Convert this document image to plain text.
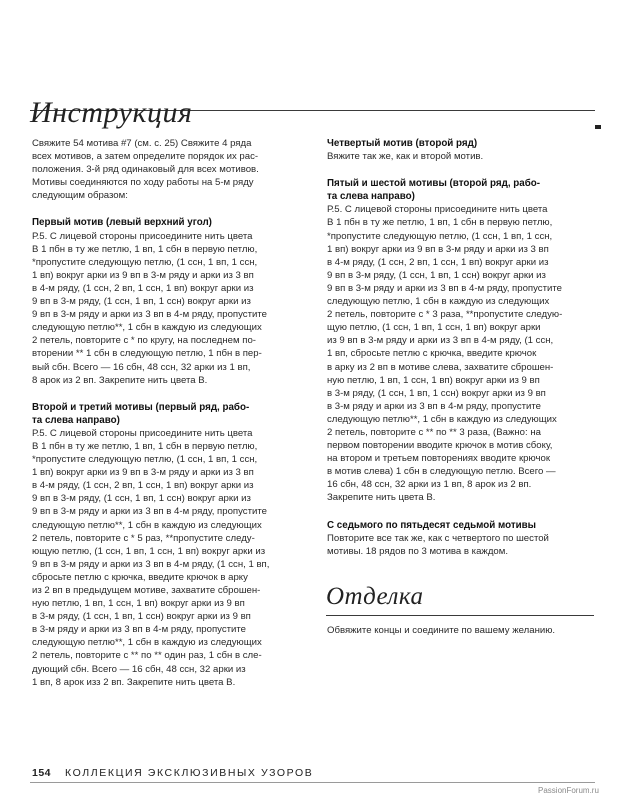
Инструкция

Свяжите 54 мотива #7 (см. с. 25) Свяжите 4 ряда
всех мотивов, а затем определите порядок их рас-
положения. 3-й ряд одинаковый для всех мотивов.
Мотивы соединяются по ходу работы на 5-м ряду
следующим образом:

Первый мотив (левый верхний угол)

Р.5. С лицевой стороны присоедините нить цвета
В 1 пбн в ту же петлю, 1 вп, 1 сбн в первую петлю,
*пропустите следующую петлю, (1 ссн, 1 вп, 1 ссн,
1 вп) вокруг арки из 9 вп в 3-м ряду и арки из 3 вп
в 4-м ряду, (1 ссн, 2 вп, 1 ссн, 1 вп) вокруг арки из
9 вп в 3-м ряду, (1 ссн, 1 вп, 1 ссн) вокруг арки из
9 вп в 3-м ряду и арки из 3 вп в 4-м ряду, пропустите
следующую петлю**, 1 сбн в каждую из следующих
2 петель, повторите с * по кругу, на последнем по-
вторении ** 1 сбн в следующую петлю, 1 пбн в пер-
вый сбн. Всего — 16 сбн, 48 ссн, 32 арки из 1 вп,
8 арок из 2 вп. Закрепите нить цвета В.

Второй и третий мотивы (первый ряд, рабо-
та слева направо)

Р.5. С лицевой стороны присоедините нить цвета
В 1 пбн в ту же петлю, 1 вп, 1 сбн в первую петлю,
*пропустите следующую петлю, (1 ссн, 1 вп, 1 ссн,
1 вп) вокруг арки из 9 вп в 3-м ряду и арки из 3 вп
в 4-м ряду, (1 ссн, 2 вп, 1 ссн, 1 вп) вокруг арки из
9 вп в 3-м ряду, (1 ссн, 1 вп, 1 ссн) вокруг арки из
9 вп в 3-м ряду и арки из 3 вп в 4-м ряду, пропустите
следующую петлю**, 1 сбн в каждую из следующих
2 петель, повторите с * 5 раз, **пропустите следу-
ющую петлю, (1 ссн, 1 вп, 1 ссн, 1 вп) вокруг арки из
9 вп в 3-м ряду и арки из 3 вп в 4-м ряду, (1 ссн, 1 вп,
сбросьте петлю с крючка, введите крючок в арку
из 2 вп в предыдущем мотиве, захватите сброшен-
ную петлю, 1 вп, 1 ссн, 1 вп) вокруг арки из 9 вп
в 3-м ряду, (1 ссн, 1 вп, 1 ссн) вокруг арки из 9 вп
в 3-м ряду и арки из 3 вп в 4-м ряду, пропустите
следующую петлю**, 1 сбн в каждую из следующих
2 петель, повторите с ** по ** один раз, 1 сбн в сле-
дующий сбн. Всего — 16 сбн, 48 ссн, 32 арки из
1 вп, 8 арок изз 2 вп. Закрепите нить цвета В.

Четвертый мотив (второй ряд)

Вяжите так же, как и второй мотив.

Пятый и шестой мотивы (второй ряд, рабо-
та слева направо)

Р.5. С лицевой стороны присоедините нить цвета
В 1 пбн в ту же петлю, 1 вп, 1 сбн в первую петлю,
*пропустите следующую петлю, (1 ссн, 1 вп, 1 ссн,
1 вп) вокруг арки из 9 вп в 3-м ряду и арки из 3 вп
в 4-м ряду, (1 ссн, 2 вп, 1 ссн, 1 вп) вокруг арки из
9 вп в 3-м ряду, (1 ссн, 1 вп, 1 ссн) вокруг арки из
9 вп в 3-м ряду и арки из 3 вп в 4-м ряду, пропустите
следующую петлю, 1 сбн в каждую из следующих
2 петель, повторите с * 3 раза, **пропустите следую-
щую петлю, (1 ссн, 1 вп, 1 ссн, 1 вп) вокруг арки
из 9 вп в 3-м ряду и арки из 3 вп в 4-м ряду, (1 ссн,
1 вп, сбросьте петлю с крючка, введите крючок
в арку из 2 вп в мотиве слева, захватите сброшен-
ную петлю, 1 вп, 1 ссн, 1 вп) вокруг арки из 9 вп
в 3-м ряду, (1 ссн, 1 вп, 1 ссн) вокруг арки из 9 вп
в 3-м ряду и арки из 3 вп в 4-м ряду, пропустите
следующую петлю**, 1 сбн в каждую из следующих
2 петель, повторите с ** по ** 3 раза, (Важно: на
первом повторении вводите крючок в мотив сбоку,
на втором и третьем повторениях вводите крючок
в мотив слева) 1 сбн в следующую петлю. Всего —
16 сбн, 48 ссн, 32 арки из 1 вп, 8 арок из 2 вп.
Закрепите нить цвета В.

С седьмого по пятьдесят седьмой мотивы

Повторите все так же, как с четвертого по шестой
мотивы. 18 рядов по 3 мотива в каждом.

Отделка

Обвяжите концы и соедините по вашему желанию.

154 КОЛЛЕКЦИЯ ЭКСКЛЮЗИВНЫХ УЗОРОВ
PassionForum.ru
